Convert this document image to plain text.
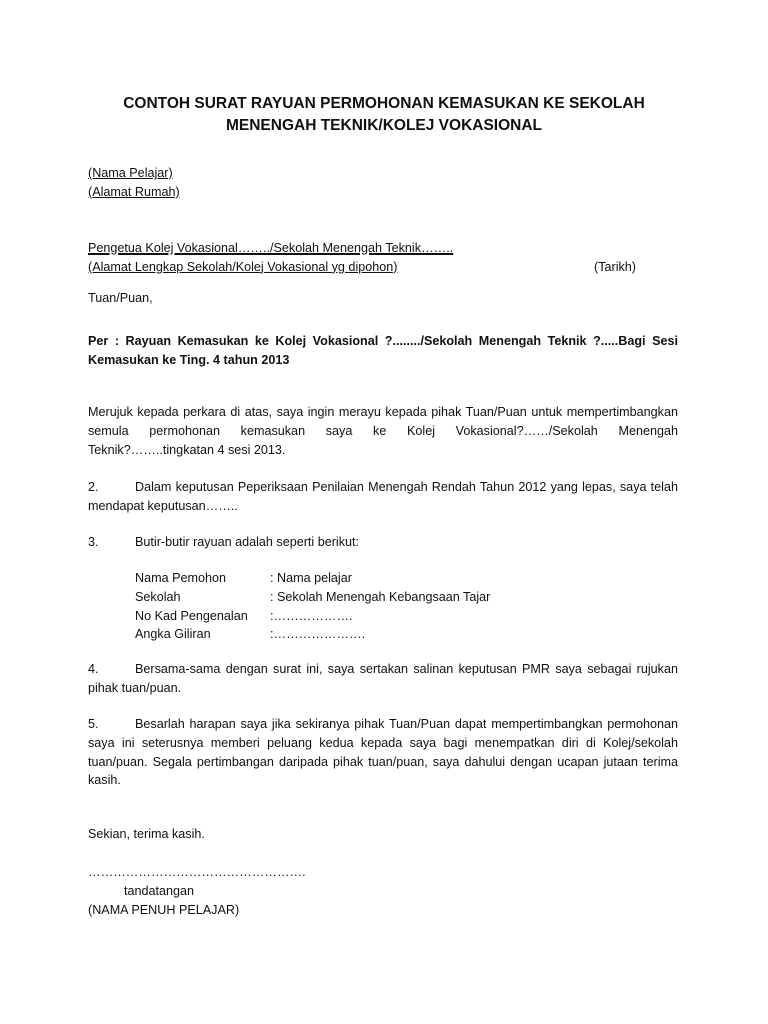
CONTOH SURAT RAYUAN PERMOHONAN KEMASUKAN KE SEKOLAH
MENENGAH TEKNIK/KOLEJ VOKASIONAL
(Nama Pelajar)
(Alamat Rumah)
Pengetua Kolej Vokasional……../Sekolah Menengah Teknik……..
(Alamat Lengkap Sekolah/Kolej Vokasional yg dipohon)	(Tarikh)

Tuan/Puan,

Per : Rayuan Kemasukan ke Kolej Vokasional ?......../Sekolah Menengah Teknik ?.....Bagi Sesi Kemasukan ke Ting. 4 tahun 2013

Merujuk kepada perkara di atas, saya ingin merayu kepada pihak Tuan/Puan untuk mempertimbangkan semula permohonan kemasukan saya ke Kolej Vokasional?……/Sekolah Menengah Teknik?……..tingkatan 4 sesi 2013.

2.	Dalam keputusan Peperiksaan Penilaian Menengah Rendah Tahun 2012 yang lepas, saya telah mendapat keputusan……..

3.	Butir-butir rayuan adalah seperti berikut:

Nama Pemohon	: Nama pelajar
Sekolah	: Sekolah Menengah Kebangsaan Tajar
No Kad Pengenalan	:……………….
Angka Giliran	:………………….

4.	Bersama-sama dengan surat ini, saya sertakan salinan keputusan PMR saya sebagai rujukan pihak tuan/puan.

5.	Besarlah harapan saya jika sekiranya pihak Tuan/Puan dapat mempertimbangkan permohonan saya ini seterusnya memberi peluang kedua kepada saya bagi menempatkan diri di Kolej/sekolah tuan/puan. Segala pertimbangan daripada pihak tuan/puan, saya dahului dengan ucapan jutaan terima kasih.

Sekian, terima kasih.

…………………………………………….
tandatangan
(NAMA PENUH PELAJAR)
